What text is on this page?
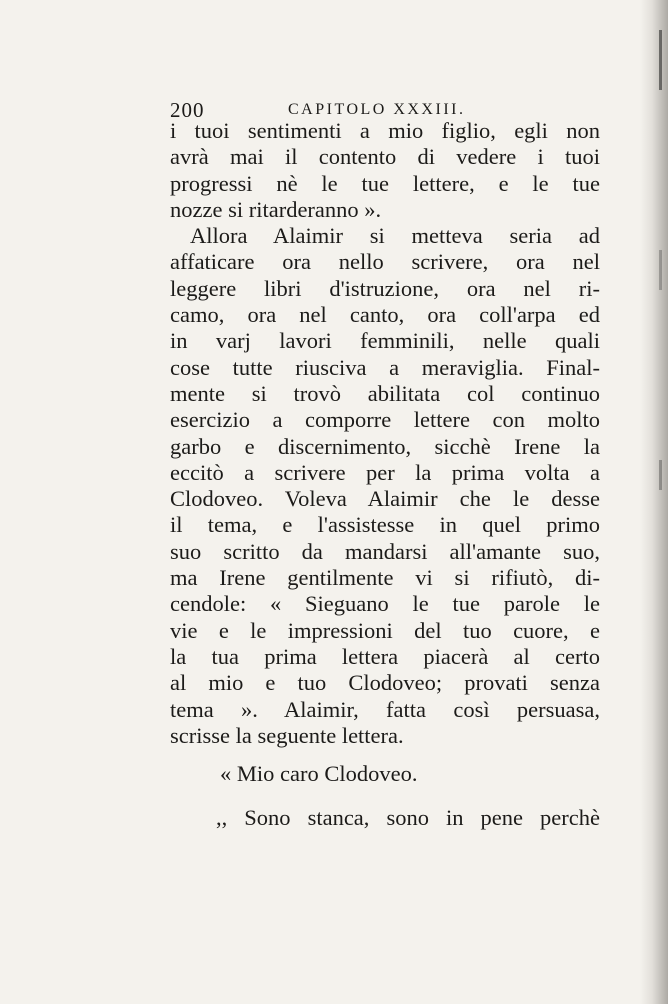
200	CAPITOLO XXXIII.
i tuoi sentimenti a mio figlio, egli non
avrà mai il contento di vedere i tuoi
progressi nè le tue lettere, e le tue
nozze si ritarderanno ».
Allora Alaimir si metteva seria ad
affaticare ora nello scrivere, ora nel
leggere libri d'istruzione, ora nel ri-
camo, ora nel canto, ora coll'arpa ed
in varj lavori femminili, nelle quali
cose tutte riusciva a meraviglia. Final-
mente si trovò abilitata col continuo
esercizio a comporre lettere con molto
garbo e discernimento, sicchè Irene la
eccitò a scrivere per la prima volta a
Clodoveo. Voleva Alaimir che le desse
il tema, e l'assistesse in quel primo
suo scritto da mandarsi all'amante suo,
ma Irene gentilmente vi si rifiutò, di-
cendole: « Sieguano le tue parole le
vie e le impressioni del tuo cuore, e
la tua prima lettera piacerà al certo
al mio e tuo Clodoveo; provati senza
tema ». Alaimir, fatta così persuasa,
scrisse la seguente lettera.
« Mio caro Clodoveo.
,, Sono stanca, sono in pene perchè
